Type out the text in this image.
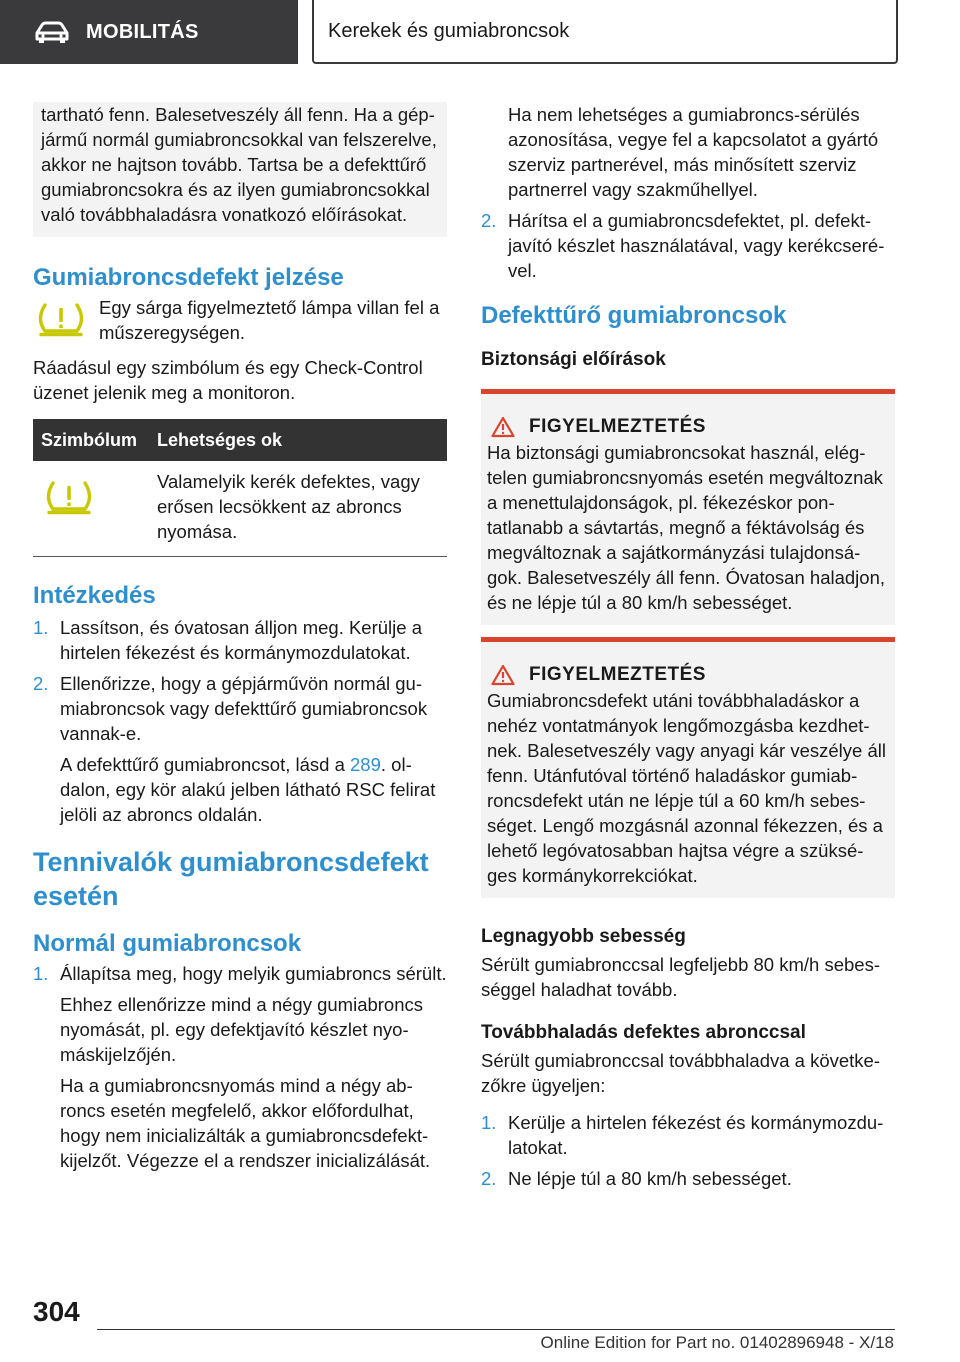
MOBILITÁS	Kerekek és gumiabroncsok

tartható fenn. Balesetveszély áll fenn. Ha a gépjármű normál gumiabroncsokkal van felszerelve, akkor ne hajtson tovább. Tartsa be a defekttűrő gumiabroncsokra és az ilyen gumiabroncsokkal való továbbhaladásra vonatkozó előírásokat.

Gumiabroncsdefekt jelzése

Egy sárga figyelmeztető lámpa villan fel a műszeregységen.

Ráadásul egy szimbólum és egy Check-Control üzenet jelenik meg a monitoron.

Szimbólum	Lehetséges ok
	Valamelyik kerék defektes, vagy erősen lecsökkent az abroncs nyomása.
Intézkedés
1. Lassítson, és óvatosan álljon meg. Kerülje a hirtelen fékezést és kormánymozdulatokat.
2. Ellenőrizze, hogy a gépjárművön normál gumiabroncsok vagy defekttűrő gumiabroncsok vannak-e.

A defekttűrő gumiabroncsot, lásd a 289. oldalon, egy kör alakú jelben látható RSC felirat jelöli az abroncs oldalán.

Tennivalók gumiabroncsdefekt esetén
Normál gumiabroncsok
1. Állapítsa meg, hogy melyik gumiabroncs sérült.

Ehhez ellenőrizze mind a négy gumiabroncs nyomását, pl. egy defektjavító készlet nyomáskijelzőjén.

Ha a gumiabroncsnyomás mind a négy abroncs esetén megfelelő, akkor előfordulhat, hogy nem inicializálták a gumiabroncsdefektkijelzőt. Végezze el a rendszer inicializálását.

Ha nem lehetséges a gumiabroncs-sérülés azonosítása, vegye fel a kapcsolatot a gyártó szerviz partnerével, más minősített szerviz partnerrel vagy szakműhellyel.
2. Hárítsa el a gumiabroncsdefektet, pl. defektjavító készlet használatával, vagy kerékcserével.
Defekttűrő gumiabroncsok
Biztonsági előírások
FIGYELMEZTETÉS

Ha biztonsági gumiabroncsokat használ, elégtelen gumiabroncsnyomás esetén megváltoznak a menettulajdonságok, pl. fékezéskor pontatlanabb a sávtartás, megnő a féktávolság és megváltoznak a sajátkormányzási tulajdonságok. Balesetveszély áll fenn. Óvatosan haladjon, és ne lépje túl a 80 km/h sebességet.

FIGYELMEZTETÉS

Gumiabroncsdefekt utáni továbbhaladáskor a nehéz vontatmányok lengőmozgásba kezdhetnek. Balesetveszély vagy anyagi kár veszélye áll fenn. Utánfutóval történő haladáskor gumiabroncsdefekt után ne lépje túl a 60 km/h sebességet. Lengő mozgásnál azonnal fékezzen, és a lehető legóvatosabban hajtsa végre a szükséges kormánykorrekciókat.

Legnagyobb sebesség

Sérült gumiabronccsal legfeljebb 80 km/h sebességgel haladhat tovább.

Továbbhaladás defektes abronccsal

Sérült gumiabronccsal továbbhaladva a következőkre ügyeljen:

1. Kerülje a hirtelen fékezést és kormánymozdulatokat.
2. Ne lépje túl a 80 km/h sebességet.
304
Online Edition for Part no. 01402896948 - X/18
